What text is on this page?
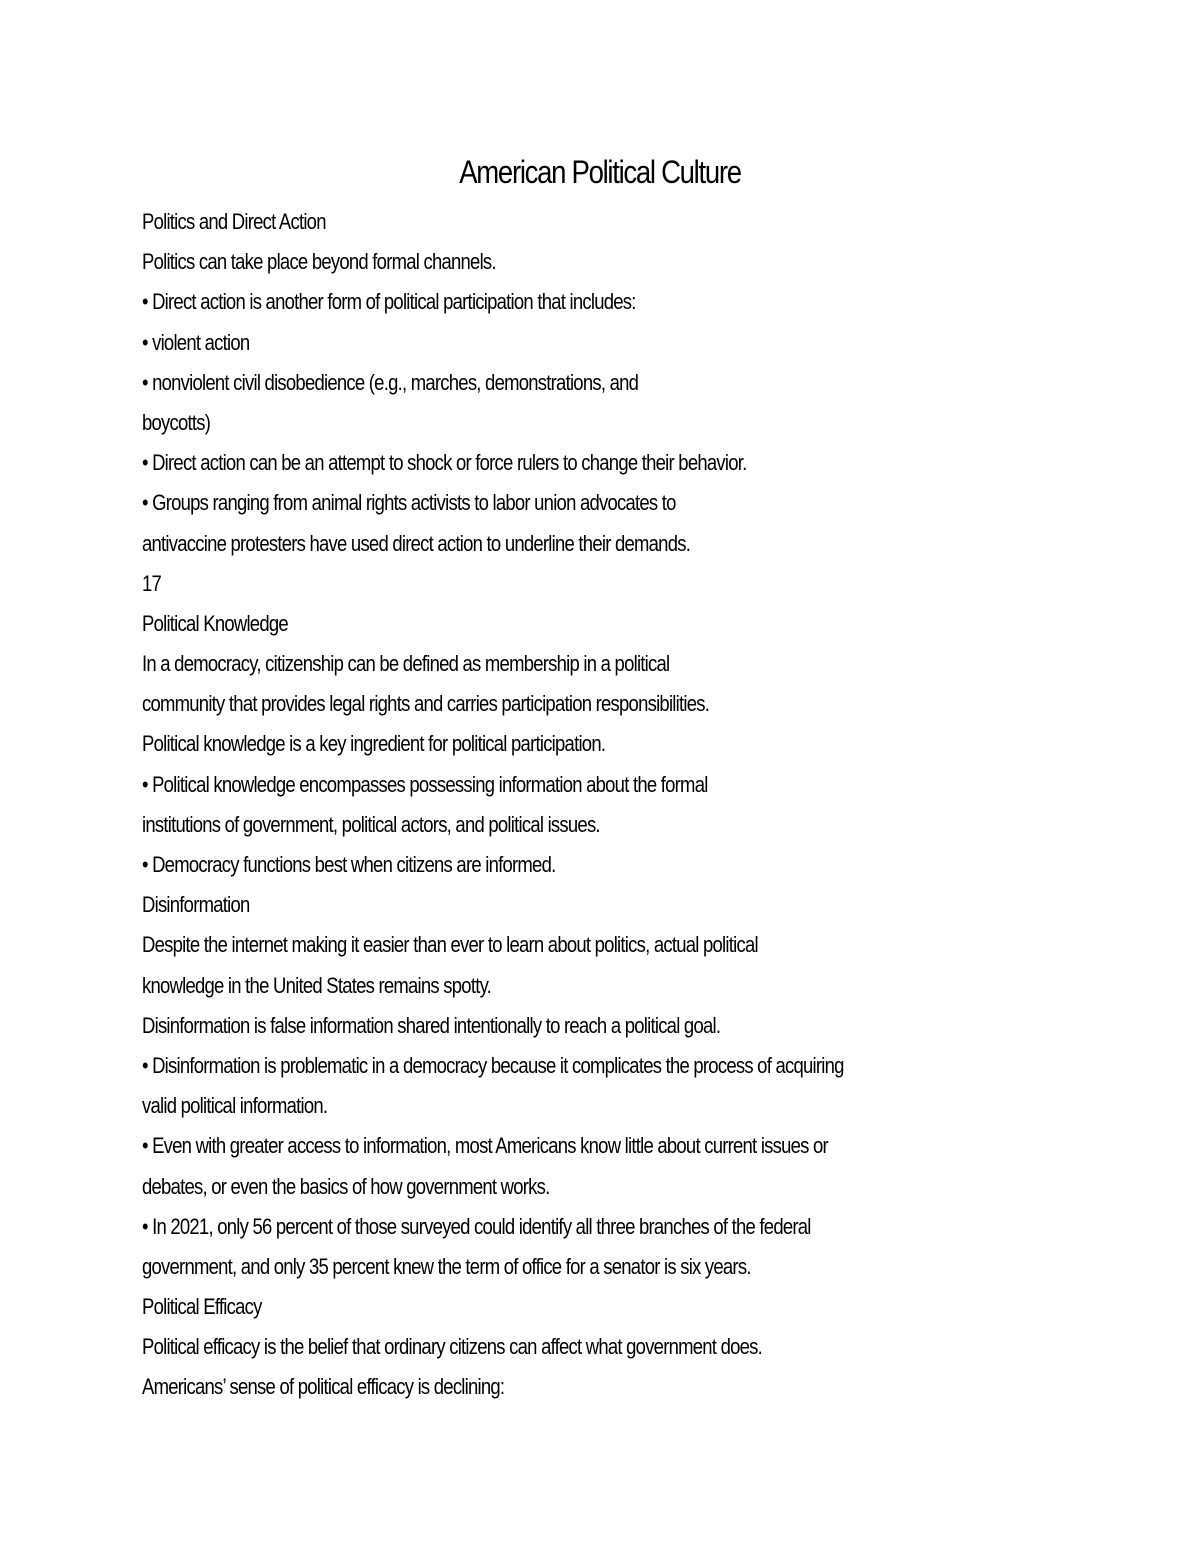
American Political Culture
Politics and Direct Action
Politics can take place beyond formal channels.
• Direct action is another form of political participation that includes:
• violent action
• nonviolent civil disobedience (e.g., marches, demonstrations, and
boycotts)
• Direct action can be an attempt to shock or force rulers to change their behavior.
• Groups ranging from animal rights activists to labor union advocates to
antivaccine protesters have used direct action to underline their demands.
17
Political Knowledge
In a democracy, citizenship can be defined as membership in a political
community that provides legal rights and carries participation responsibilities.
Political knowledge is a key ingredient for political participation.
• Political knowledge encompasses possessing information about the formal
institutions of government, political actors, and political issues.
• Democracy functions best when citizens are informed.
Disinformation
Despite the internet making it easier than ever to learn about politics, actual political
knowledge in the United States remains spotty.
Disinformation is false information shared intentionally to reach a political goal.
• Disinformation is problematic in a democracy because it complicates the process of acquiring
valid political information.
• Even with greater access to information, most Americans know little about current issues or
debates, or even the basics of how government works.
• In 2021, only 56 percent of those surveyed could identify all three branches of the federal
government, and only 35 percent knew the term of office for a senator is six years.
Political Efficacy
Political efficacy is the belief that ordinary citizens can affect what government does.
Americans’ sense of political efficacy is declining:
